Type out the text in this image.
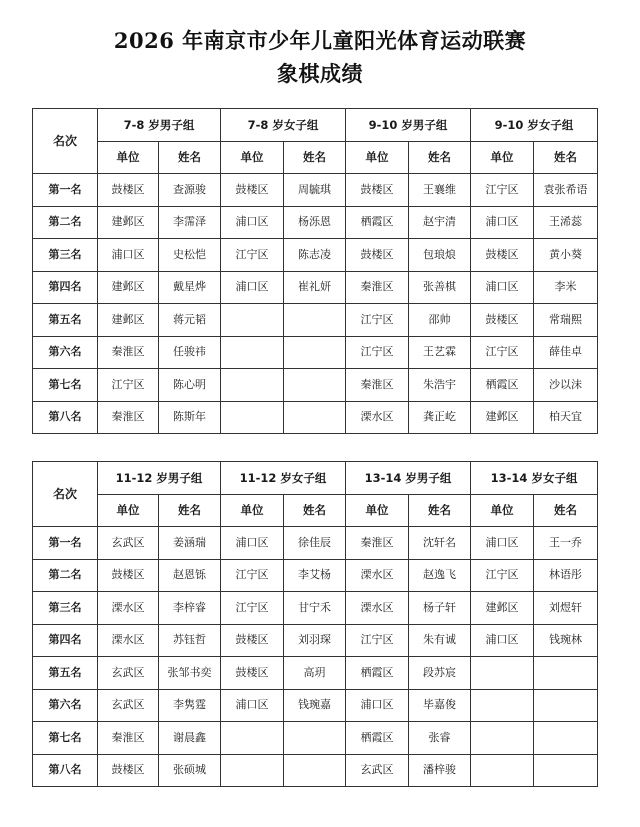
2026 年南京市少年儿童阳光体育运动联赛
象棋成绩
名次	7-8 岁男子组		7-8 岁女子组		9-10 岁男子组		9-10 岁女子组	
	单位	姓名	单位	姓名	单位	姓名	单位	姓名
第一名	鼓楼区	查源骏	鼓楼区	周毓琪	鼓楼区	王襄维	江宁区	袁张希语
第二名	建邺区	李霈泽	浦口区	杨泺恩	栖霞区	赵宇清	浦口区	王浠蕊
第三名	浦口区	史松恺	江宁区	陈志凌	鼓楼区	包琅烺	鼓楼区	黄小葵
第四名	建邺区	戴星烨	浦口区	崔礼妍	秦淮区	张善棋	浦口区	李米
第五名	建邺区	蒋元韬			江宁区	邵帅	鼓楼区	常瑞熙
第六名	秦淮区	任骏祎			江宁区	王艺霖	江宁区	薛佳卓
第七名	江宁区	陈心明			秦淮区	朱浩宇	栖霞区	沙以沫
第八名	秦淮区	陈斯年			溧水区	龚正屹	建邺区	柏天宜
名次	11-12 岁男子组		11-12 岁女子组		13-14 岁男子组		13-14 岁女子组	
	单位	姓名	单位	姓名	单位	姓名	单位	姓名
第一名	玄武区	姜涵瑞	浦口区	徐佳辰	秦淮区	沈轩名	浦口区	王一乔
第二名	鼓楼区	赵恩铄	江宁区	李艾杨	溧水区	赵逸飞	江宁区	林语彤
第三名	溧水区	李梓睿	江宁区	甘宁禾	溧水区	杨子轩	建邺区	刘煜轩
第四名	溧水区	苏钰哲	鼓楼区	刘羽琛	江宁区	朱有诚	浦口区	钱琬林
第五名	玄武区	张邹书奕	鼓楼区	高玥	栖霞区	段苏宸		
第六名	玄武区	李隽霆	浦口区	钱琬嘉	浦口区	毕嘉俊		
第七名	秦淮区	谢晨鑫			栖霞区	张睿		
第八名	鼓楼区	张硕城			玄武区	潘梓骏		
